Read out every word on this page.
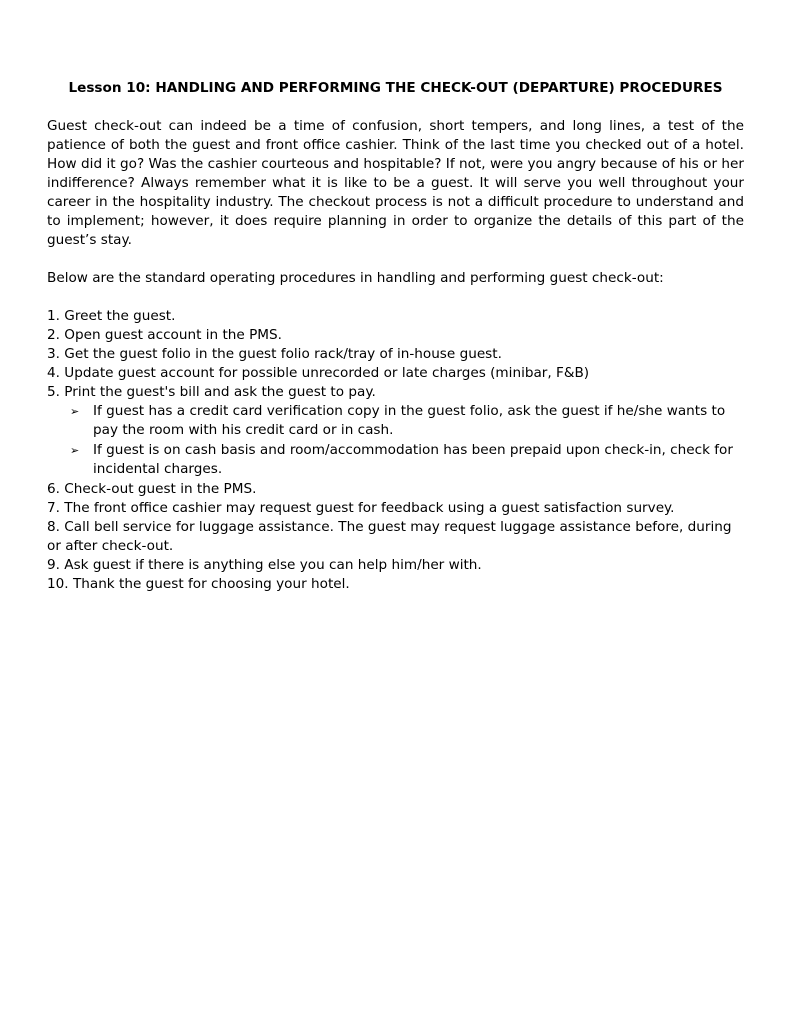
Lesson 10: HANDLING AND PERFORMING THE CHECK-OUT (DEPARTURE) PROCEDURES
Guest check-out can indeed be a time of confusion, short tempers, and long lines, a test of the patience of both the guest and front office cashier. Think of the last time you checked out of a hotel. How did it go? Was the cashier courteous and hospitable? If not, were you angry because of his or her indifference? Always remember what it is like to be a guest. It will serve you well throughout your career in the hospitality industry. The checkout process is not a difficult procedure to understand and to implement; however, it does require planning in order to organize the details of this part of the guest’s stay.
Below are the standard operating procedures in handling and performing guest check-out:
1. Greet the guest.
2. Open guest account in the PMS.
3. Get the guest folio in the guest folio rack/tray of in-house guest.
4. Update guest account for possible unrecorded or late charges (minibar, F&B)
5. Print the guest's bill and ask the guest to pay.
➢ If guest has a credit card verification copy in the guest folio, ask the guest if he/she wants to pay the room with his credit card or in cash.
➢ If guest is on cash basis and room/accommodation has been prepaid upon check-in, check for incidental charges.
6. Check-out guest in the PMS.
7. The front office cashier may request guest for feedback using a guest satisfaction survey.
8. Call bell service for luggage assistance. The guest may request luggage assistance before, during or after check-out.
9. Ask guest if there is anything else you can help him/her with.
10. Thank the guest for choosing your hotel.
